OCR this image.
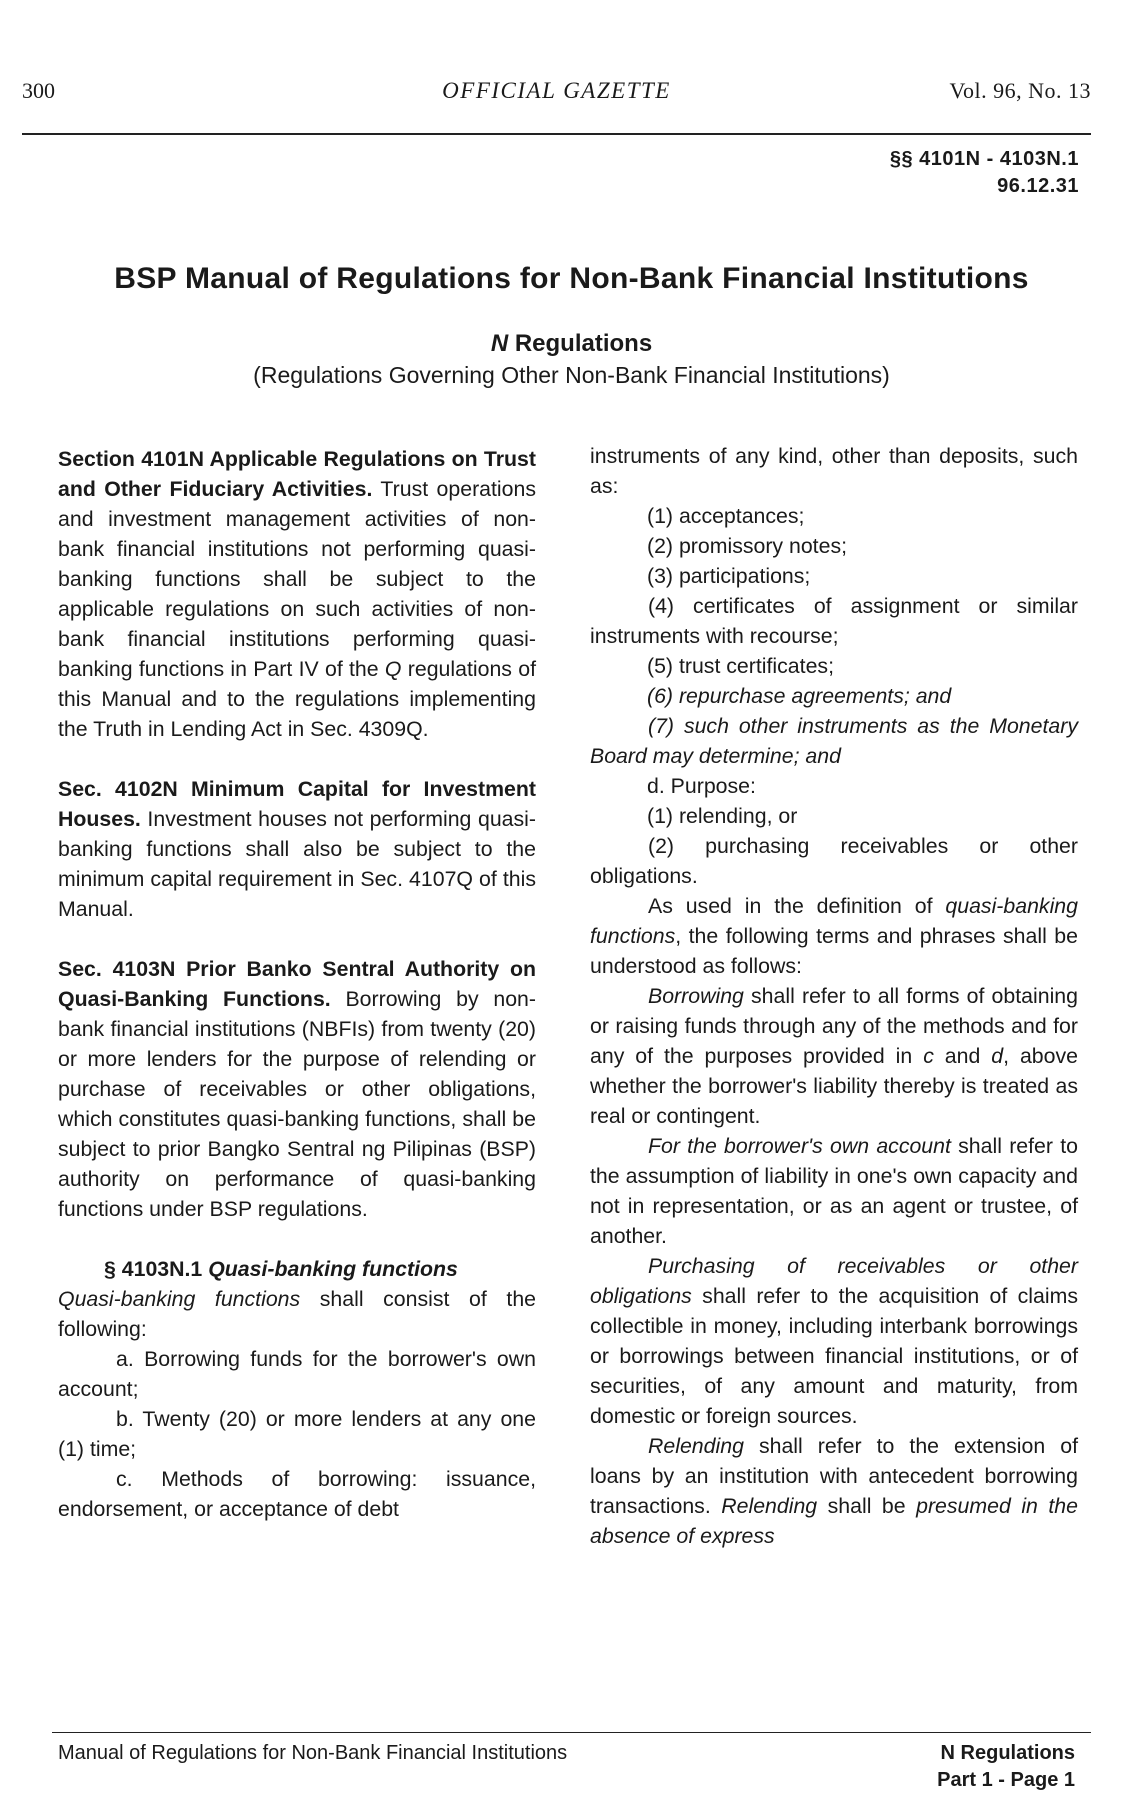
300	OFFICIAL GAZETTE	Vol. 96, No. 13
§§ 4101N - 4103N.1
96.12.31
BSP Manual of Regulations for Non-Bank Financial Institutions
N Regulations
(Regulations Governing Other Non-Bank Financial Institutions)

Section 4101N Applicable Regulations on Trust and Other Fiduciary Activities. Trust operations and investment management activities of non-bank financial institutions not performing quasi-banking functions shall be subject to the applicable regulations on such activities of non-bank financial institutions performing quasi-banking functions in Part IV of the Q regulations of this Manual and to the regulations implementing the Truth in Lending Act in Sec. 4309Q.

Sec. 4102N Minimum Capital for Investment Houses. Investment houses not performing quasi-banking functions shall also be subject to the minimum capital requirement in Sec. 4107Q of this Manual.

Sec. 4103N Prior Banko Sentral Authority on Quasi-Banking Functions. Borrowing by non-bank financial institutions (NBFIs) from twenty (20) or more lenders for the purpose of relending or purchase of receivables or other obligations, which constitutes quasi-banking functions, shall be subject to prior Bangko Sentral ng Pilipinas (BSP) authority on performance of quasi-banking functions under BSP regulations.

§ 4103N.1 Quasi-banking functions

Quasi-banking functions shall consist of the following:

a. Borrowing funds for the borrower's own account;

b. Twenty (20) or more lenders at any one (1) time;

c. Methods of borrowing: issuance, endorsement, or acceptance of debt

instruments of any kind, other than deposits, such as:

(1) acceptances;

(2) promissory notes;

(3) participations;

(4) certificates of assignment or similar instruments with recourse;

(5) trust certificates;

(6) repurchase agreements; and

(7) such other instruments as the Monetary Board may determine; and

d. Purpose:

(1) relending, or

(2) purchasing receivables or other obligations.

As used in the definition of quasi-banking functions, the following terms and phrases shall be understood as follows:

Borrowing shall refer to all forms of obtaining or raising funds through any of the methods and for any of the purposes provided in c and d, above whether the borrower's liability thereby is treated as real or contingent.

For the borrower's own account shall refer to the assumption of liability in one's own capacity and not in representation, or as an agent or trustee, of another.

Purchasing of receivables or other obligations shall refer to the acquisition of claims collectible in money, including interbank borrowings or borrowings between financial institutions, or of securities, of any amount and maturity, from domestic or foreign sources.

Relending shall refer to the extension of loans by an institution with antecedent borrowing transactions. Relending shall be presumed in the absence of express

Manual of Regulations for Non-Bank Financial Institutions	N Regulations
Part 1 - Page 1
